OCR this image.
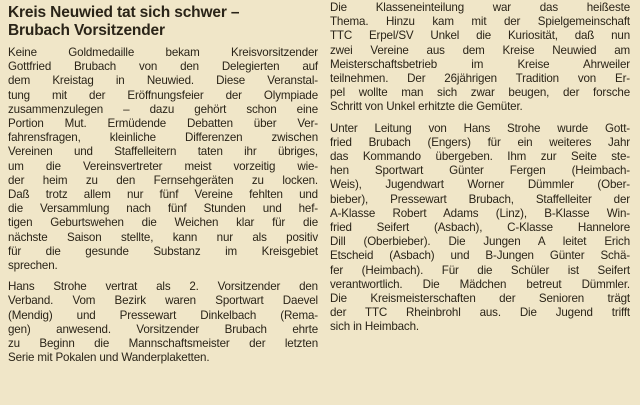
Kreis Neuwied tat sich schwer –
Brubach Vorsitzender
Keine Goldmedaille bekam Kreisvorsitzender
Gottfried Brubach von den Delegierten auf
dem Kreistag in Neuwied. Diese Veranstal-
tung mit der Eröffnungsfeier der Olympiade
zusammenzulegen – dazu gehört schon eine
Portion Mut. Ermüdende Debatten über Ver-
fahrensfragen, kleinliche Differenzen zwischen
Vereinen und Staffelleitern taten ihr übriges,
um die Vereinsvertreter meist vorzeitig wie-
der heim zu den Fernsehgeräten zu locken.
Daß trotz allem nur fünf Vereine fehlten und
die Versammlung nach fünf Stunden und hef-
tigen Geburtswehen die Weichen klar für die
nächste Saison stellte, kann nur als positiv
für die gesunde Substanz im Kreisgebiet
sprechen.
Hans Strohe vertrat als 2. Vorsitzender den
Verband. Vom Bezirk waren Sportwart Daevel
(Mendig) und Pressewart Dinkelbach (Rema-
gen) anwesend. Vorsitzender Brubach ehrte
zu Beginn die Mannschaftsmeister der letzten
Serie mit Pokalen und Wanderplaketten.
Die Klasseneinteilung war das heißeste
Thema. Hinzu kam mit der Spielgemeinschaft
TTC Erpel/SV Unkel die Kuriosität, daß nun
zwei Vereine aus dem Kreise Neuwied am
Meisterschaftsbetrieb im Kreise Ahrweiler
teilnehmen. Der 26jährigen Tradition von Er-
pel wollte man sich zwar beugen, der forsche
Schritt von Unkel erhitzte die Gemüter.
Unter Leitung von Hans Strohe wurde Gott-
fried Brubach (Engers) für ein weiteres Jahr
das Kommando übergeben. Ihm zur Seite ste-
hen Sportwart Günter Fergen (Heimbach-
Weis), Jugendwart Worner Dümmler (Ober-
bieber), Pressewart Brubach, Staffelleiter der
A-Klasse Robert Adams (Linz), B-Klasse Win-
fried Seifert (Asbach), C-Klasse Hannelore
Dill (Oberbieber). Die Jungen A leitet Erich
Etscheid (Asbach) und B-Jungen Günter Schä-
fer (Heimbach). Für die Schüler ist Seifert
verantwortlich. Die Mädchen betreut Dümmler.
Die Kreismeisterschaften der Senioren trägt
der TTC Rheinbrohl aus. Die Jugend trifft
sich in Heimbach.
